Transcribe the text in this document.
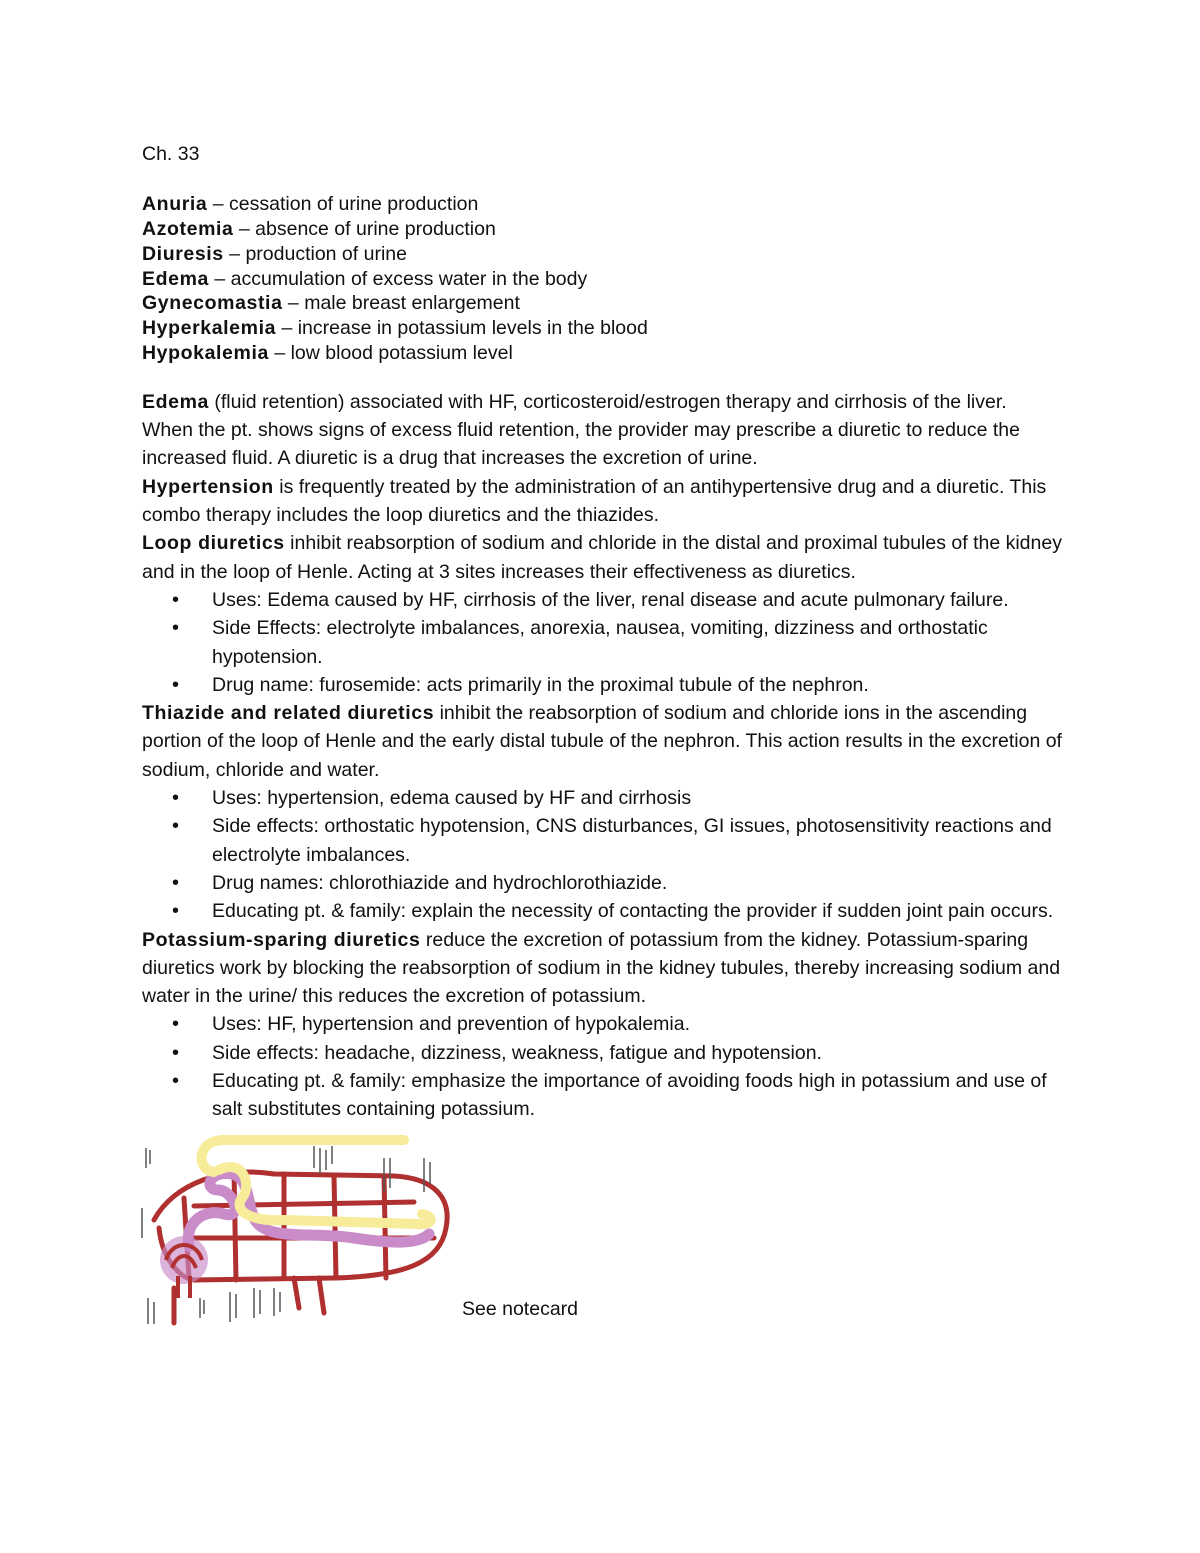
Ch. 33

Anuria – cessation of urine production

Azotemia – absence of urine production

Diuresis – production of urine

Edema – accumulation of excess water in the body

Gynecomastia – male breast enlargement

Hyperkalemia – increase in potassium levels in the blood

Hypokalemia – low blood potassium level

Edema (fluid retention) associated with HF, corticosteroid/estrogen therapy and cirrhosis of the liver. When the pt. shows signs of excess fluid retention, the provider may prescribe a diuretic to reduce the increased fluid. A diuretic is a drug that increases the excretion of urine.

Hypertension is frequently treated by the administration of an antihypertensive drug and a diuretic. This combo therapy includes the loop diuretics and the thiazides.

Loop diuretics inhibit reabsorption of sodium and chloride in the distal and proximal tubules of the kidney and in the loop of Henle. Acting at 3 sites increases their effectiveness as diuretics.

• Uses: Edema caused by HF, cirrhosis of the liver, renal disease and acute pulmonary failure.
• Side Effects: electrolyte imbalances, anorexia, nausea, vomiting, dizziness and orthostatic hypotension.
• Drug name: furosemide: acts primarily in the proximal tubule of the nephron.

Thiazide and related diuretics inhibit the reabsorption of sodium and chloride ions in the ascending portion of the loop of Henle and the early distal tubule of the nephron. This action results in the excretion of sodium, chloride and water.

• Uses: hypertension, edema caused by HF and cirrhosis
• Side effects: orthostatic hypotension, CNS disturbances, GI issues, photosensitivity reactions and electrolyte imbalances.
• Drug names: chlorothiazide and hydrochlorothiazide.
• Educating pt. & family: explain the necessity of contacting the provider if sudden joint pain occurs.

Potassium-sparing diuretics reduce the excretion of potassium from the kidney. Potassium-sparing diuretics work by blocking the reabsorption of sodium in the kidney tubules, thereby increasing sodium and water in the urine/ this reduces the excretion of potassium.

• Uses: HF, hypertension and prevention of hypokalemia.
• Side effects: headache, dizziness, weakness, fatigue and hypotension.
• Educating pt. & family: emphasize the importance of avoiding foods high in potassium and use of salt substitutes containing potassium.

See notecard
